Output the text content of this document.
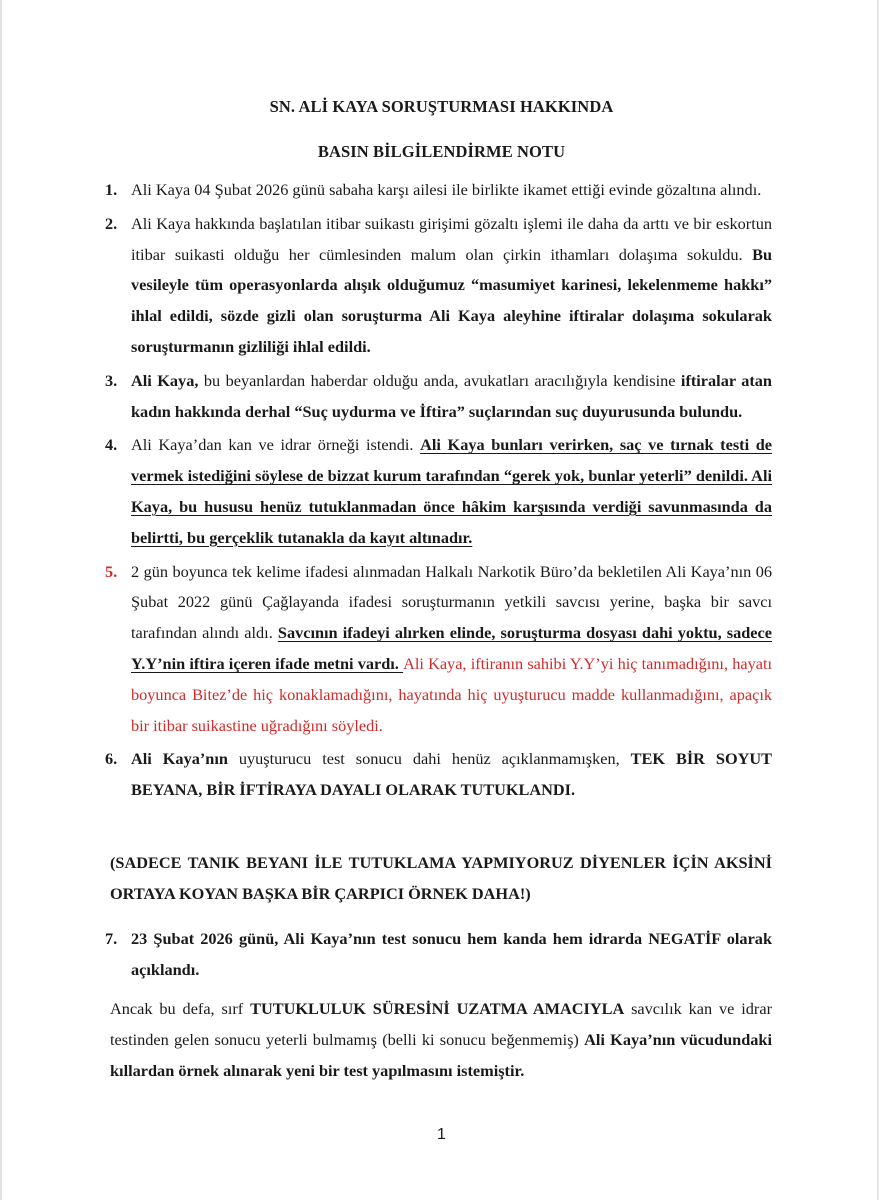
SN. ALİ KAYA SORUŞTURMASI HAKKINDA
BASIN BİLGİLENDİRME NOTU
1. Ali Kaya 04 Şubat 2026 günü sabaha karşı ailesi ile birlikte ikamet ettiği evinde gözaltına alındı.
2. Ali Kaya hakkında başlatılan itibar suikastı girişimi gözaltı işlemi ile daha da arttı ve bir eskortun itibar suikasti olduğu her cümlesinden malum olan çirkin ithamları dolaşıma sokuldu. Bu vesileyle tüm operasyonlarda alışık olduğumuz “masumiyet karinesi, lekelenmeme hakkı” ihlal edildi, sözde gizli olan soruşturma Ali Kaya aleyhine iftiralar dolaşıma sokularak soruşturmanın gizliliği ihlal edildi.
3. Ali Kaya, bu beyanlardan haberdar olduğu anda, avukatları aracılığıyla kendisine iftiralar atan kadın hakkında derhal “Suç uydurma ve İftira” suçlarından suç duyurusunda bulundu.
4. Ali Kaya’dan kan ve idrar örneği istendi. Ali Kaya bunları verirken, saç ve tırnak testi de vermek istediğini söylese de bizzat kurum tarafından “gerek yok, bunlar yeterli” denildi. Ali Kaya, bu hususu henüz tutuklanmadan önce hâkim karşısında verdiği savunmasında da belirtti, bu gerçeklik tutanakla da kayıt altınadır.
5. 2 gün boyunca tek kelime ifadesi alınmadan Halkalı Narkotik Büro’da bekletilen Ali Kaya’nın 06 Şubat 2022 günü Çağlayanda ifadesi soruşturmanın yetkili savcısı yerine, başka bir savcı tarafından alındı aldı. Savcının ifadeyi alırken elinde, soruşturma dosyası dahi yoktu, sadece Y.Y’nin iftira içeren ifade metni vardı. Ali Kaya, iftiranın sahibi Y.Y’yi hiç tanımadığını, hayatı boyunca Bitez’de hiç konaklamadığını, hayatında hiç uyuşturucu madde kullanmadığını, apaçık bir itibar suikastine uğradığını söyledi.
6. Ali Kaya’nın uyuşturucu test sonucu dahi henüz açıklanmamışken, TEK BİR SOYUT BEYANA, BİR İFTİRAYA DAYALI OLARAK TUTUKLANDI.
(SADECE TANIK BEYANI İLE TUTUKLAMA YAPMIYORUZ DİYENLER İÇİN AKSİNİ ORTAYA KOYAN BAŞKA BİR ÇARPICI ÖRNEK DAHA!)
7. 23 Şubat 2026 günü, Ali Kaya’nın test sonucu hem kanda hem idrarda NEGATİF olarak açıklandı.
Ancak bu defa, sırf TUTUKLULUK SÜRESİNİ UZATMA AMACIYLA savcılık kan ve idrar testinden gelen sonucu yeterli bulmamış (belli ki sonucu beğenmemiş) Ali Kaya’nın vücudundaki kıllardan örnek alınarak yeni bir test yapılmasını istemiştir.
1
